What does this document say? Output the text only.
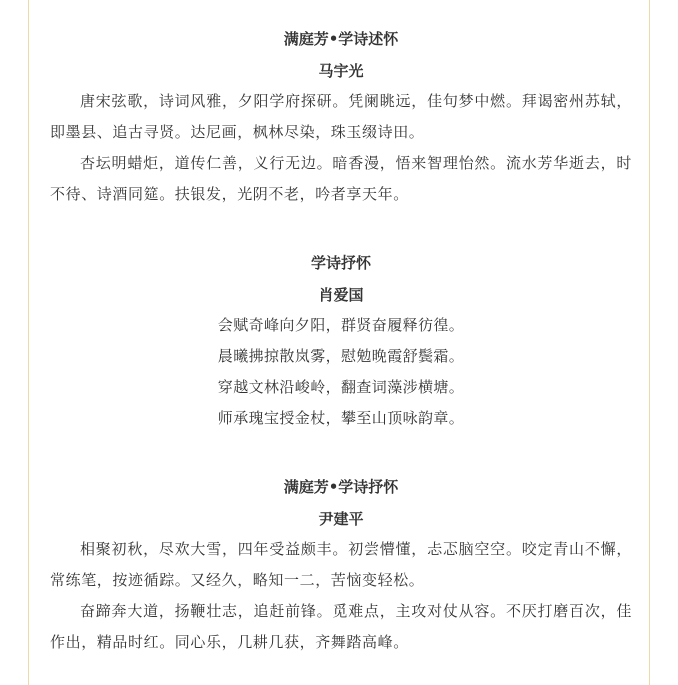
满庭芳•学诗述怀

马宇光

唐宋弦歌，诗词风雅，夕阳学府探研。凭阑眺远，佳句梦中燃。拜谒密州苏轼，即墨县、追古寻贤。达尼画，枫林尽染，珠玉缀诗田。

杏坛明蜡炬，道传仁善，义行无边。暗香漫，悟来智理怡然。流水芳华逝去，时不待、诗酒同筵。扶银发，光阴不老，吟者享天年。

学诗抒怀

肖爱国

会赋奇峰向夕阳，群贤奋履释彷徨。

晨曦拂掠散岚雾，慰勉晚霞舒鬓霜。

穿越文林沿峻岭，翻查词藻涉横塘。

师承瑰宝授金杖，攀至山顶咏韵章。

满庭芳•学诗抒怀

尹建平

相聚初秋，尽欢大雪，四年受益颇丰。初尝懵懂，忐忑脑空空。咬定青山不懈，常练笔，按迹循踪。又经久，略知一二，苦恼变轻松。

奋蹄奔大道，扬鞭壮志，追赶前锋。觅难点，主攻对仗从容。不厌打磨百次，佳作出，精品时红。同心乐，几耕几获，齐舞踏高峰。
